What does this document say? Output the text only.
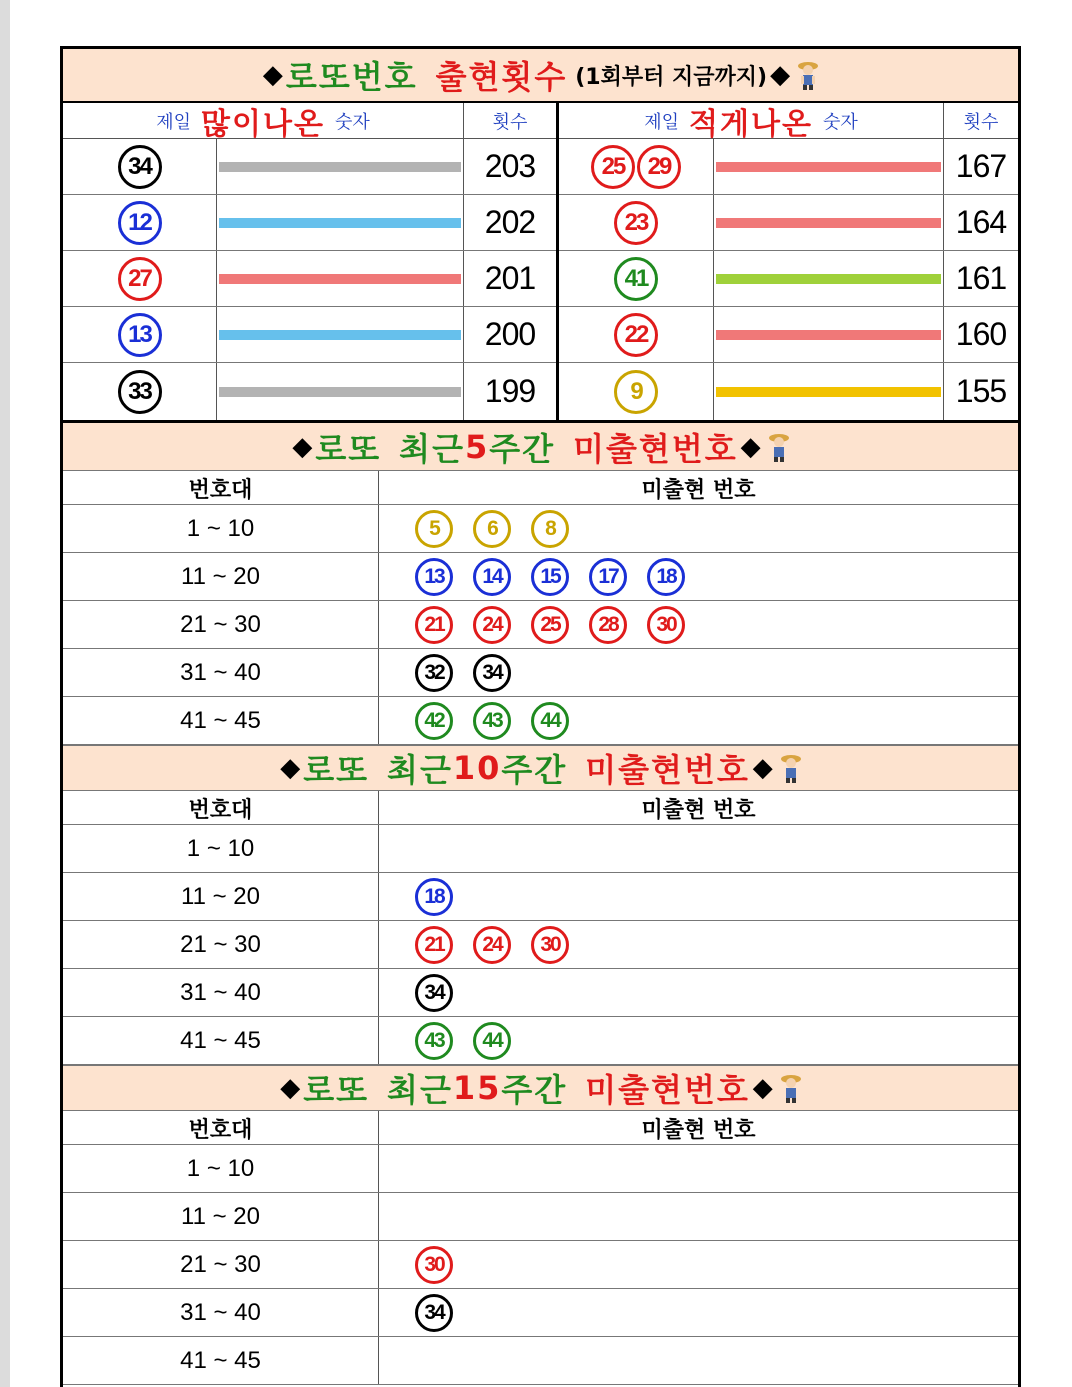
◆ 로또번호 출현횟수 (1회부터 지금까지) ◆
제일 많이나온 숫자	횟수
34	203
12	202
27	201
13	200
33	199
제일 적게나온 숫자	횟수
25 29	167
23	164
41	161
22	160
9	155
◆ 로또 최근 5 주간 미출현번호 ◆
번호대	미출현 번호
1 ~ 10	5	6	8
11 ~ 20	13	14	15	17	18
21 ~ 30	21	24	25	28	30
31 ~ 40	32	34
41 ~ 45	42	43	44
◆ 로또 최근 10 주간 미출현번호 ◆
번호대	미출현 번호
1 ~ 10
11 ~ 20	18
21 ~ 30	21	24	30
31 ~ 40	34
41 ~ 45	43	44
◆ 로또 최근 15 주간 미출현번호 ◆
번호대	미출현 번호
1 ~ 10
11 ~ 20
21 ~ 30	30
31 ~ 40	34
41 ~ 45
